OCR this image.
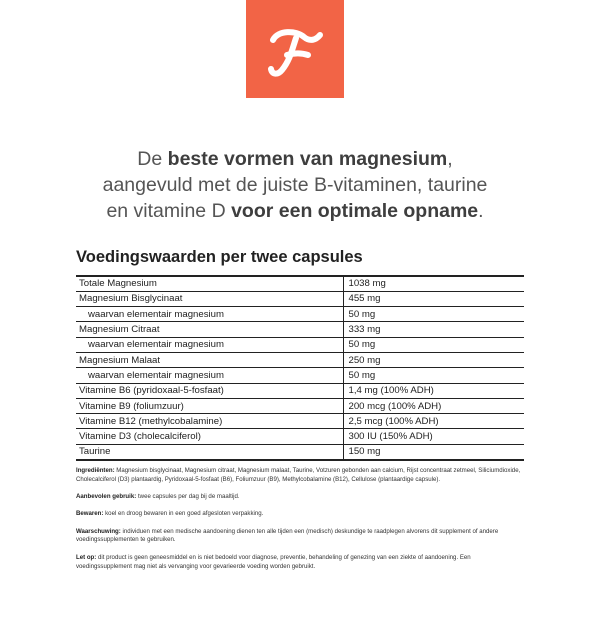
De beste vormen van magnesium,
aangevuld met de juiste B-vitaminen, taurine
en vitamine D voor een optimale opname.
Voedingswaarden per twee capsules
Totale Magnesium	1038 mg
Magnesium Bisglycinaat	455 mg
waarvan elementair magnesium	50 mg
Magnesium Citraat	333 mg
waarvan elementair magnesium	50 mg
Magnesium Malaat	250 mg
waarvan elementair magnesium	50 mg
Vitamine B6 (pyridoxaal-5-fosfaat)	1,4 mg (100% ADH)
Vitamine B9 (foliumzuur)	200 mcg (100% ADH)
Vitamine B12 (methylcobalamine)	2,5 mcg (100% ADH)
Vitamine D3 (cholecalciferol)	300 IU (150% ADH)
Taurine	150 mg

Ingrediënten: Magnesium bisglycinaat, Magnesium citraat, Magnesium malaat, Taurine, Votzuren gebonden aan calcium, Rijst concentraat zetmeel, Siliciumdioxide, Cholecalciferol (D3) plantaardig, Pyridoxaal-5-fosfaat (B6), Foliumzuur (B9), Methylcobalamine (B12), Cellulose (plantaardige capsule).

Aanbevolen gebruik: twee capsules per dag bij de maaltijd.

Bewaren: koel en droog bewaren in een goed afgesloten verpakking.

Waarschuwing: individuen met een medische aandoening dienen ten alle tijden een (medisch) deskundige te raadplegen alvorens dit supplement of andere voedingssupplementen te gebruiken.

Let op: dit product is geen geneesmiddel en is niet bedoeld voor diagnose, preventie, behandeling of genezing van een ziekte of aandoening. Een voedingssupplement mag niet als vervanging voor gevarieerde voeding worden gebruikt.
